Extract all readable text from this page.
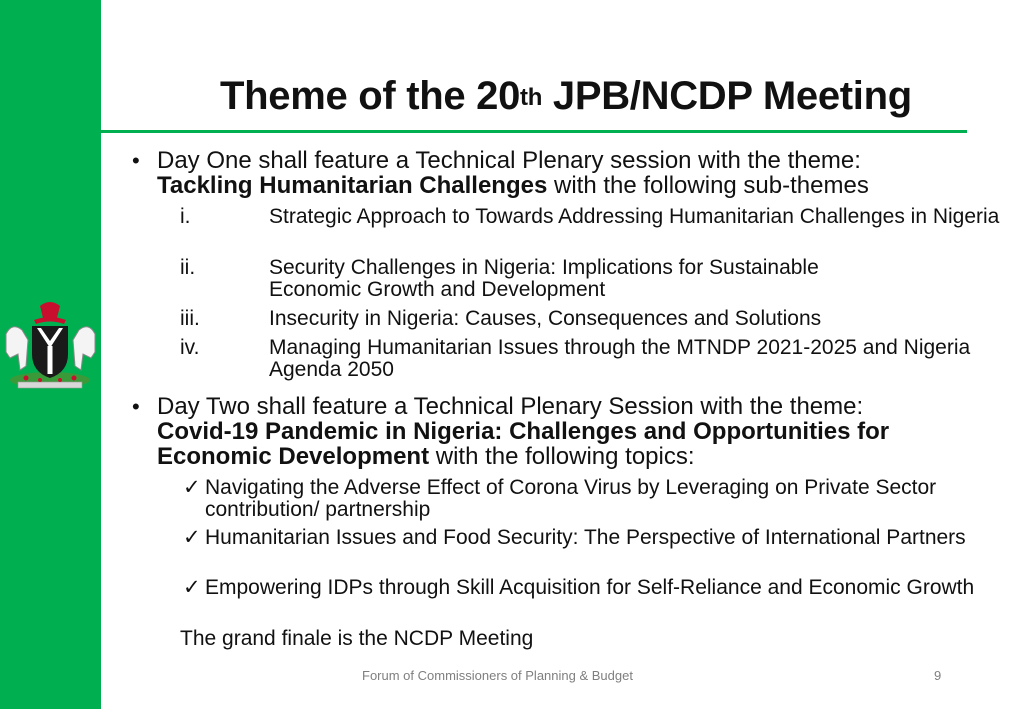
Theme of the 20th JPB/NCDP Meeting
• Day One shall feature a Technical Plenary session with the theme:
Tackling Humanitarian Challenges with the following sub-themes
i.	Strategic Approach to Towards Addressing Humanitarian Challenges in Nigeria
ii.	Security Challenges in Nigeria: Implications for Sustainable Economic Growth and Development
iii.	Insecurity in Nigeria: Causes, Consequences and Solutions
iv.	Managing Humanitarian Issues through the MTNDP 2021-2025 and Nigeria Agenda 2050
• Day Two shall feature a Technical Plenary Session with the theme:
Covid-19 Pandemic in Nigeria: Challenges and Opportunities for Economic Development with the following topics:
✓ Navigating the Adverse Effect of Corona Virus by Leveraging on Private Sector contribution/ partnership
✓ Humanitarian Issues and Food Security: The Perspective of International Partners
✓ Empowering IDPs through Skill Acquisition for Self-Reliance and Economic Growth
The grand finale is the NCDP Meeting
Forum of Commissioners of Planning & Budget	9
